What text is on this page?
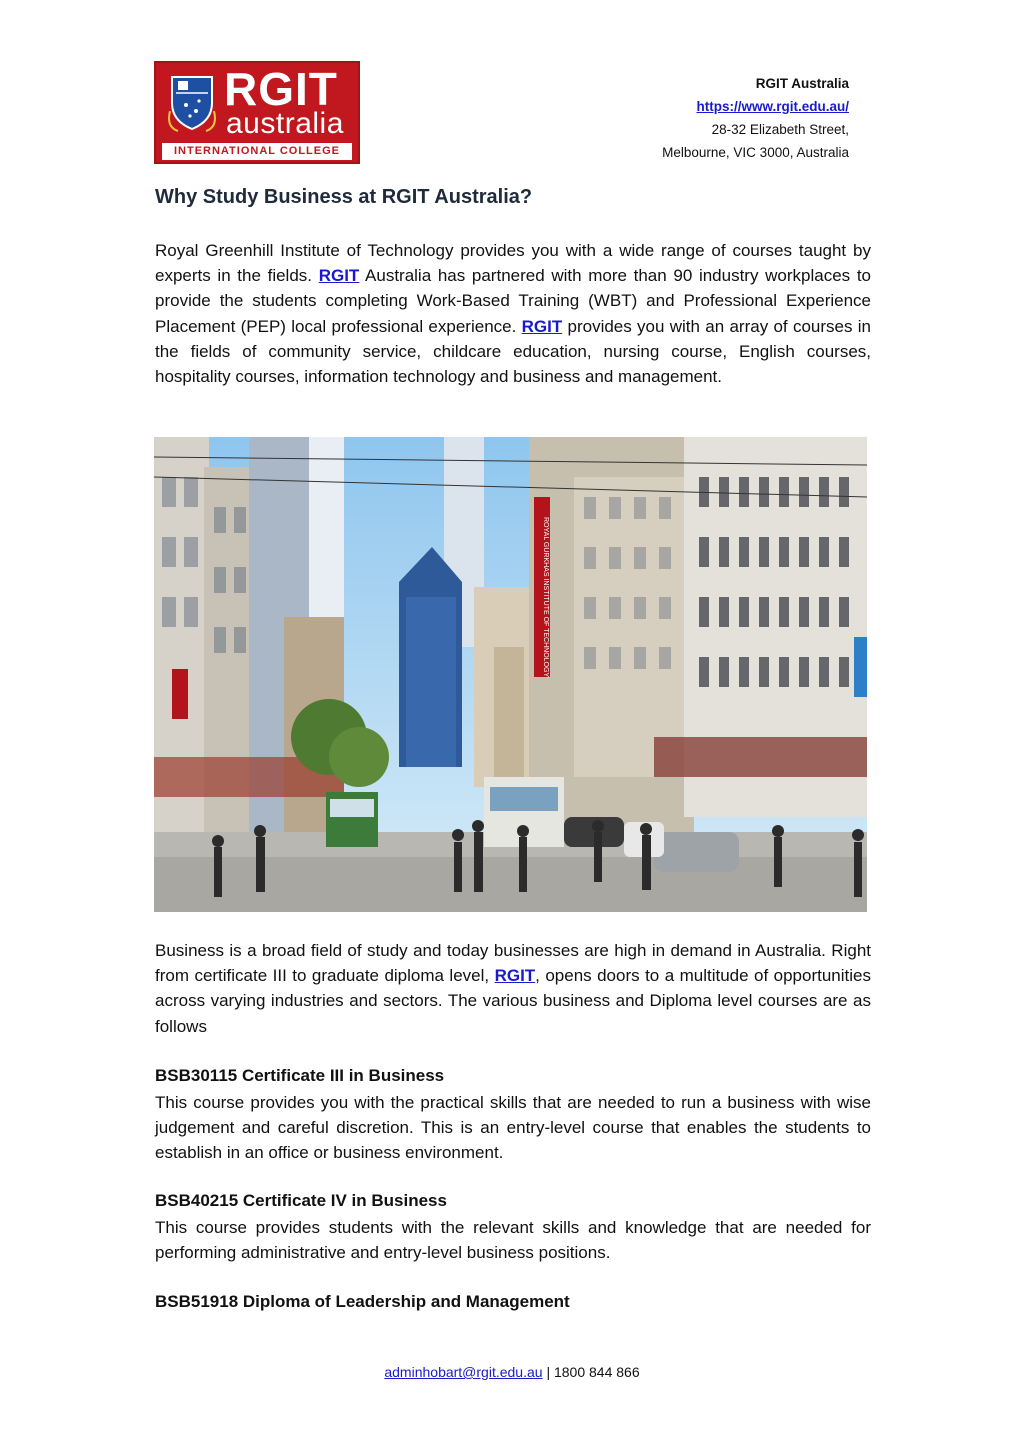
RGIT
australia
INTERNATIONAL COLLEGE
RGIT Australia
https://www.rgit.edu.au/
28-32 Elizabeth Street,
Melbourne, VIC 3000, Australia
Why Study Business at RGIT Australia?

Royal Greenhill Institute of Technology provides you with a wide range of courses taught by experts in the fields. RGIT Australia has partnered with more than 90 industry workplaces to provide the students completing Work-Based Training (WBT) and Professional Experience Placement (PEP) local professional experience. RGIT provides you with an array of courses in the fields of community service, childcare education, nursing course, English courses, hospitality courses, information technology and business and management.

ROYAL GURKHAS INSTITUTE OF TECHNOLOGY

Business is a broad field of study and today businesses are high in demand in Australia. Right from certificate III to graduate diploma level, RGIT, opens doors to a multitude of opportunities across varying industries and sectors. The various business and Diploma level courses are as follows

BSB30115 Certificate III in Business

This course provides you with the practical skills that are needed to run a business with wise judgement and careful discretion. This is an entry-level course that enables the students to establish in an office or business environment.

BSB40215 Certificate IV in Business

This course provides students with the relevant skills and knowledge that are needed for performing administrative and entry-level business positions.

BSB51918 Diploma of Leadership and Management
adminhobart@rgit.edu.au | 1800 844 866
